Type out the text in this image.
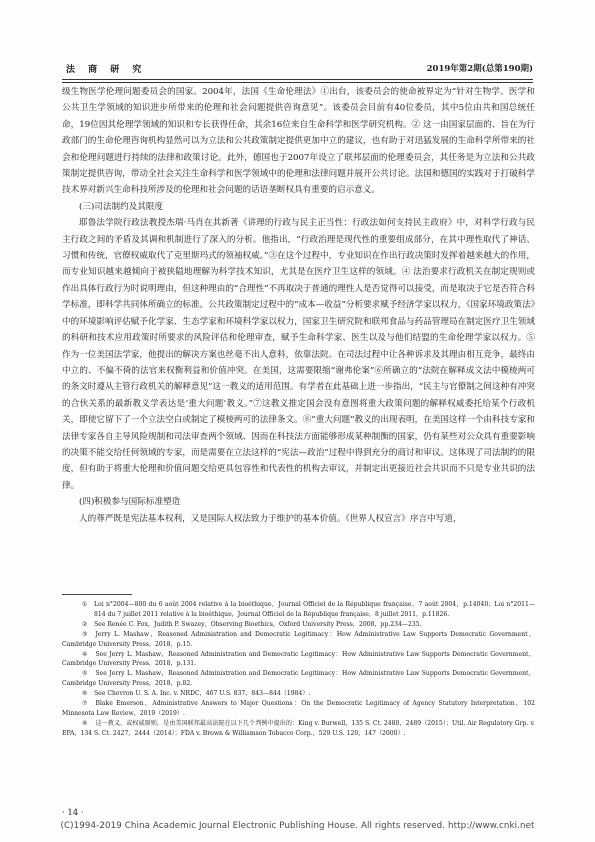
法 商 研 究	2019年第2期(总第190期)

级生物医学伦理问题委员会的国家。2004年，法国《生命伦理法》①出台，该委员会的使命被界定为“针对生物学、医学和公共卫生学领域的知识进步所带来的伦理和社会问题提供咨询意见”。该委员会目前有40位委员，其中5位由共和国总统任命，19位因其伦理学领域的知识和专长获得任命，其余16位来自生命科学和医学研究机构。② 这一由国家层面的、旨在为行政部门的生命伦理咨询机构显然可以为立法和公共政策制定提供更加中立的建议，也有助于对迅猛发展的生命科学所带来的社会和伦理问题进行持续的法律和政策讨论。此外，德国也于2007年设立了联邦层面的伦理委员会，其任务是为立法和公共政策制定提供咨询，带动全社会关注生命科学和医学领域中的伦理和法律问题并展开公共讨论。法国和德国的实践对于打破科学技术界对新兴生命科技所涉及的伦理和社会问题的话语垄断权具有重要的启示意义。

(三)司法制约及其限度

耶鲁法学院行政法教授杰瑞·马肖在其新著《讲理的行政与民主正当性：行政法如何支持民主政府》中，对科学行政与民主行政之间的矛盾及其调和机制进行了深入的分析。他指出，“行政治理是现代性的重要组成部分，在其中理性取代了神话、习惯和传统，官僚权威取代了克里斯玛式的领袖权威。”③在这个过程中，专业知识在作出行政决策时发挥着越来越大的作用，而专业知识越来越倾向于被狭隘地理解为科学技术知识，尤其是在医疗卫生这样的领域。④ 法治要求行政机关在制定规则或作出具体行政行为时说明理由，但这种理由的“合理性”不再取决于普通的理性人是否觉得可以接受，而是取决于它是否符合科学标准，即科学共同体所确立的标准。公共政策制定过程中的“成本—收益”分析要求赋予经济学家以权力，《国家环境政策法》中的环境影响评估赋予化学家、生态学家和环境科学家以权力，国家卫生研究院和联邦食品与药品管理局在制定医疗卫生领域的科研和技术应用政策时所要求的风险评估和伦理审查，赋予生命科学家、医生以及与他们结盟的生命伦理学家以权力。⑤ 作为一位美国法学家，他提出的解决方案也丝毫不出人意料，依靠法院。在司法过程中让各种诉求及其理由相互竞争，最终由中立的、不偏不倚的法官来权衡利益和价值冲突。在美国，这需要限缩“谢弗伦案”⑥所确立的“法院在解释成文法中模棱两可的条文时遵从主管行政机关的解释意见”这一教义的适用范围。有学者在此基础上进一步指出，“民主与官僚制之间这种有冲突的合伙关系的最新教义学表达是‘重大问题’教义。”⑦这教义推定国会没有意图将重大政策问题的解释权威委托给某个行政机关，即使它留下了一个立法空白或制定了模棱两可的法律条文。⑧“重大问题”教义的出现表明，在美国这样一个由科技专家和法律专家各自主导风险规制和司法审查两个领域、因而在科技法方面能够形成某种制衡的国家，仍有某些对公众具有重要影响的决策不能交给任何领域的专家，而是需要在立法这样的“宪法—政治”过程中得到充分的商讨和审议。这体现了司法制约的限度，但有助于将重大伦理和价值问题交给更具包容性和代表性的机构去审议，并制定出更接近社会共识而不只是专业共识的法律。

(四)积极参与国际标准塑造

人的尊严既是宪法基本权利，又是国际人权法致力于维护的基本价值。《世界人权宣言》序言中写道，

① Loi n°2004—800 du 6 août 2004 relative à la bioéthique，Journal Officiel de la République française，7 août 2004，p.14040；Loi n°2011—814 du 7 juillet 2011 relative à la bioéthique，Journal Officiel de la République française，8 juillet 2011，p.11826.

② See Renée C. Fox，Judith P. Swazey，Observing Bioethics，Oxford University Press，2008，pp.234—235.

③ Jerry L. Mashaw，Reasoned Administration and Democratic Legitimacy：How Administrative Law Supports Democratic Government，Cambridge University Press，2018，p.15.

④ See Jerry L. Mashaw，Reasoned Administration and Democratic Legitimacy：How Administrative Law Supports Democratic Government，Cambridge University Press，2018，p.131.

⑤ See Jerry L. Mashaw，Reasoned Administration and Democratic Legitimacy：How Administrative Law Supports Democratic Government，Cambridge University Press，2018，p.82.

⑥ See Chevron U. S. A. Inc. v. NRDC，467 U.S. 837，843—844（1984）.

⑦ Blake Emerson，Administrative Answers to Major Questions：On the Democratic Legitimacy of Agency Statutory Interpretation，102 Minnesota Law Review，2019（2019）.

⑧ 这一教义，或权威原则，是由美国联邦最高法院在以下几个判例中提出的：King v. Burwell，135 S. Ct. 2480，2489（2015）；Util. Air Regulatory Grp. v. EPA，134 S. Ct. 2427，2444（2014）；FDA v. Brown & Williamson Tobacco Corp.，529 U.S. 120，147（2000）.

· 14 ·
(C)1994-2019 China Academic Journal Electronic Publishing House. All rights reserved. http://www.cnki.net
